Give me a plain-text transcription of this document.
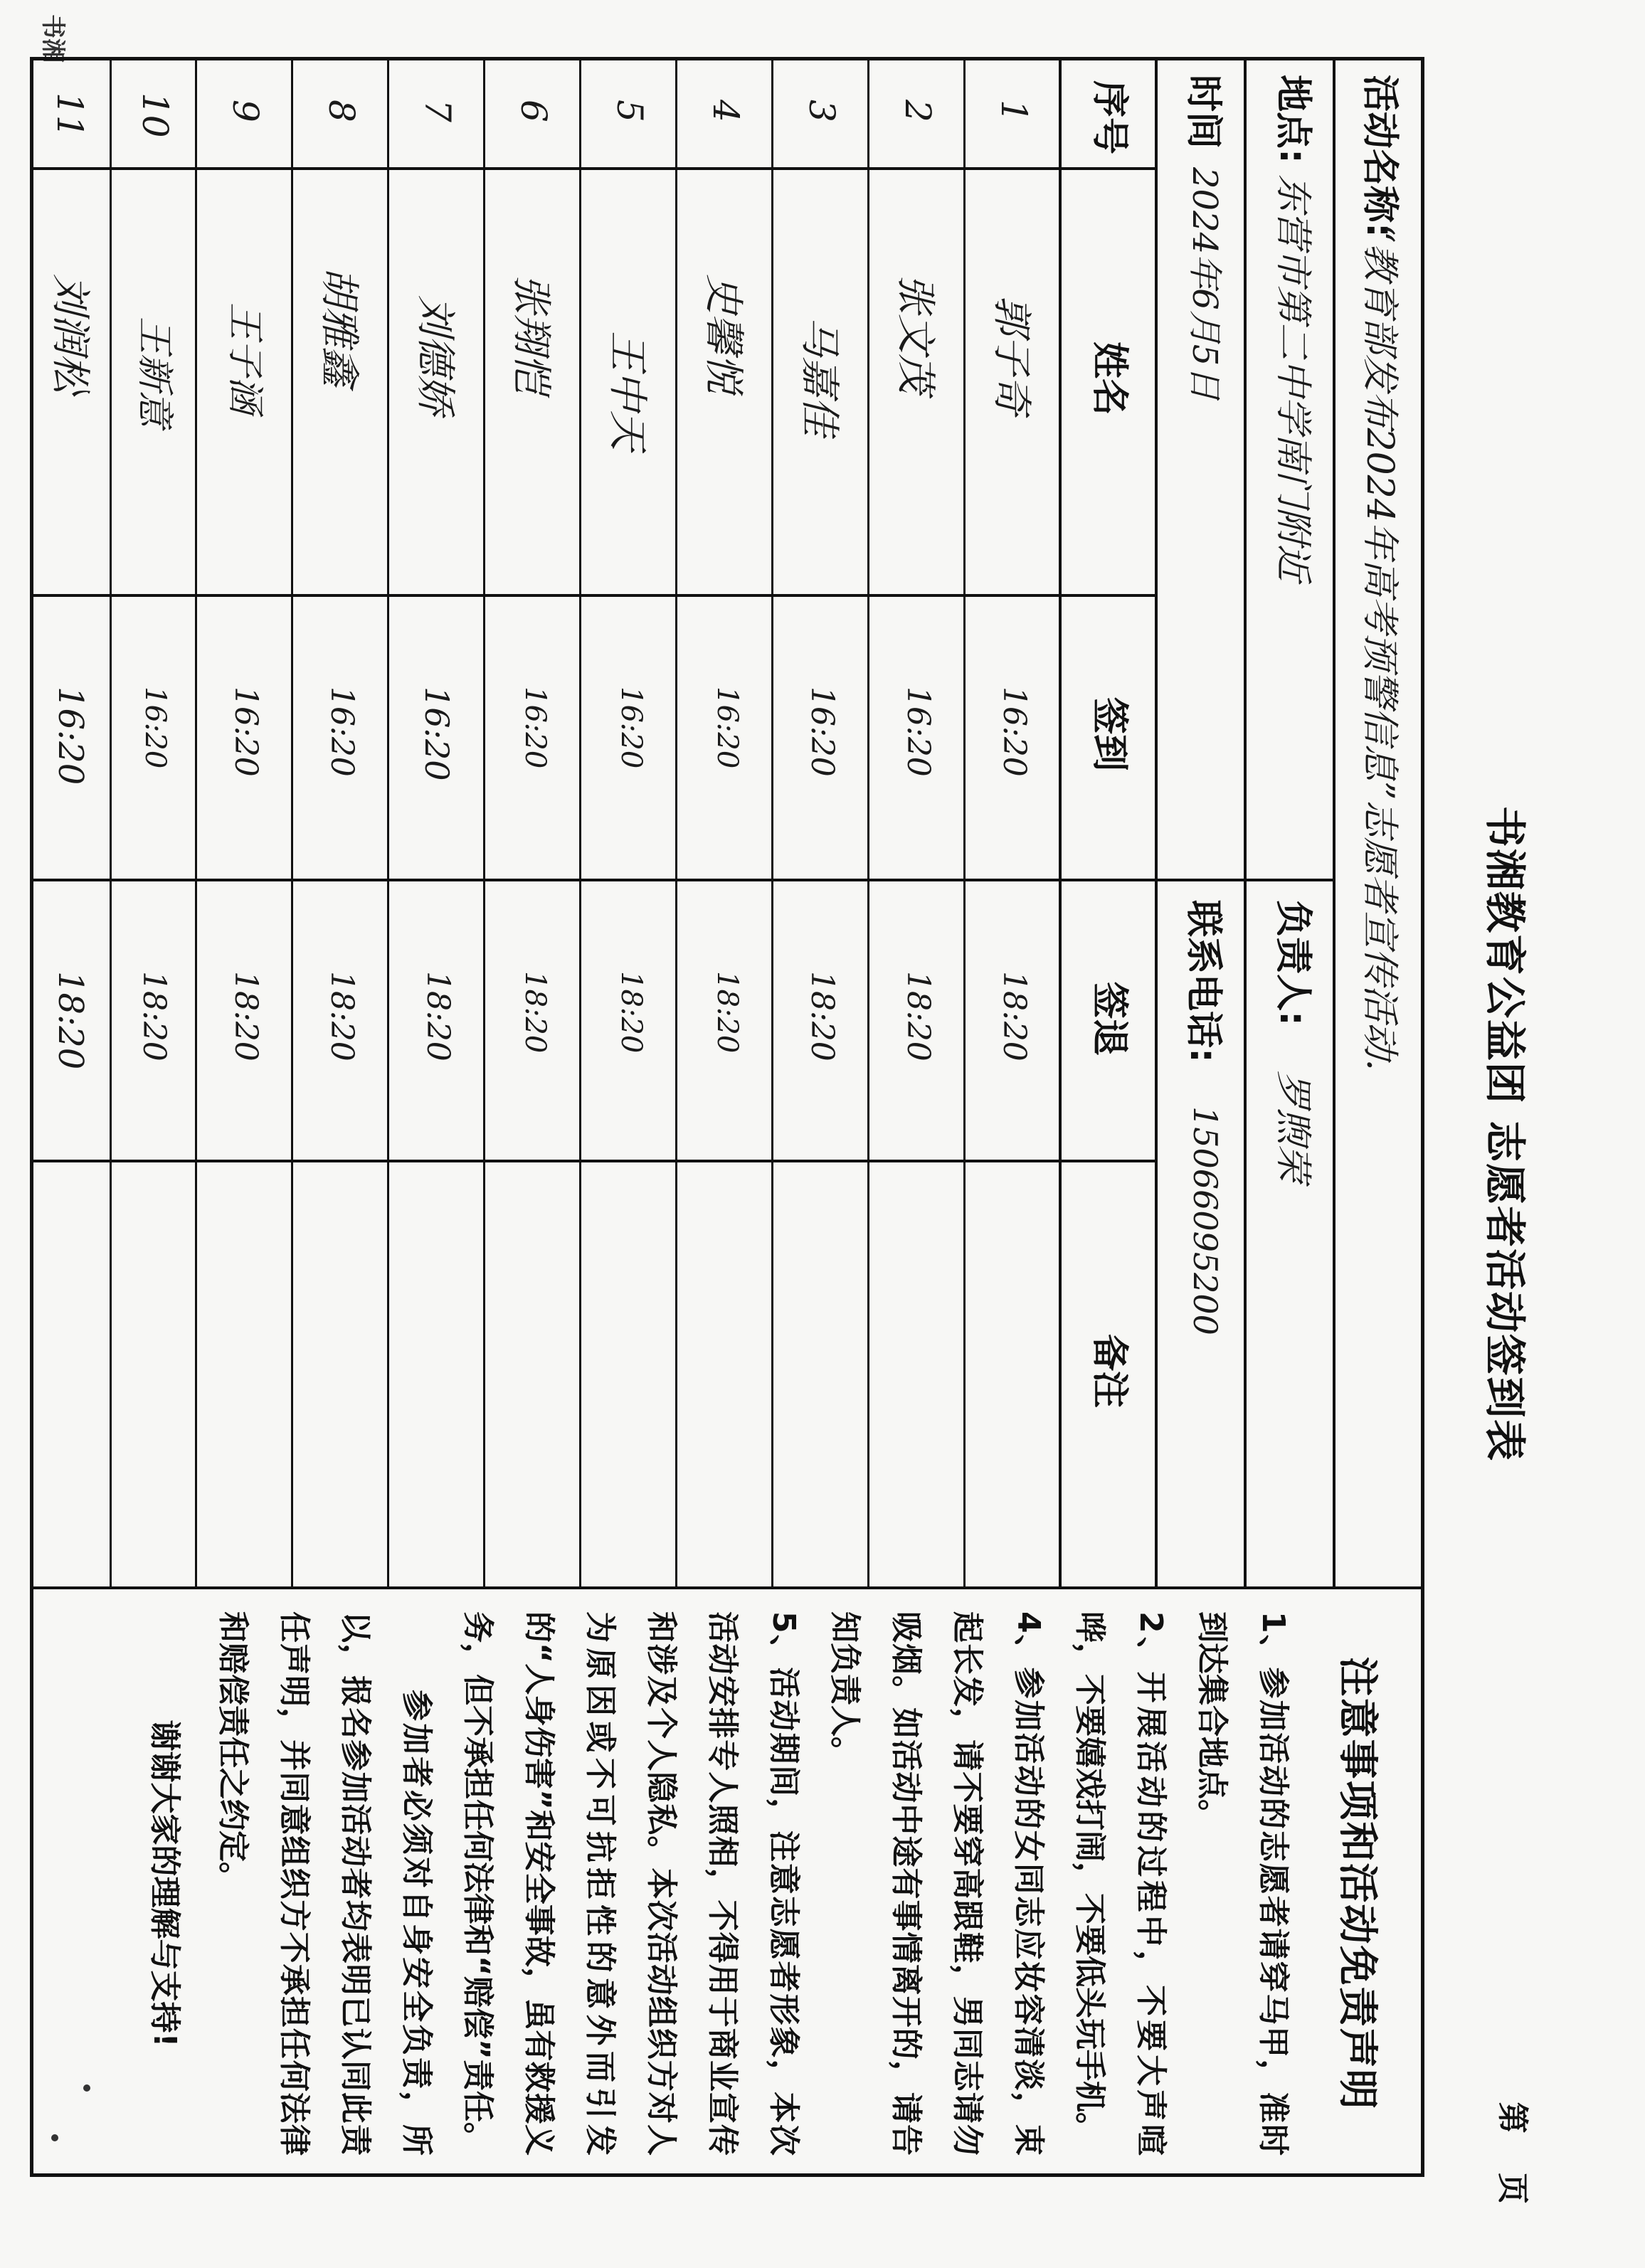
书湘教育公益团 志愿者活动签到表
第 页
书湘
活动名称:
“教育部发布2024年高考预警信息”志愿者宣传活动.
地点:
东营市第二中学南门附近
负责人:
罗煦荣
时间
2024年6月5日
联系电话:
15066095200
序号
姓名
签到
签退
备注
1
郭子奇
16:20
18:20
2
张文茂
16:20
18:20
3
马嘉佳
16:20
18:20
4
史馨悦
16:20
18:20
5
王中天
16:20
18:20
6
张翔恺
16:20
18:20
7
刘德娇
16:20
18:20
8
胡雅鑫
16:20
18:20
9
王子涵
16:20
18:20
10
王新意
16:20
18:20
11
刘润松
16:20
18:20
注意事项和活动免责声明

1、参加活动的志愿者请穿马甲，准时到达集合地点。

2、开展活动的过程中，不要大声喧哗，不要嬉戏打闹，不要低头玩手机。

4、参加活动的女同志应妆容清淡，束起长发，请不要穿高跟鞋，男同志请勿吸烟。如活动中途有事情离开的，请告知负责人。

5、活动期间，注意志愿者形象，本次活动安排专人照相，不得用于商业宣传和涉及个人隐私。本次活动组织方对人为原因或不可抗拒性的意外而引发的“人身伤害”和安全事故，虽有救援义务，但不承担任何法律和“赔偿”责任。

参加者必须对自身安全负责，所以，报名参加活动者均表明已认同此责任声明，并同意组织方不承担任何法律和赔偿责任之约定。

谢谢大家的理解与支持!
